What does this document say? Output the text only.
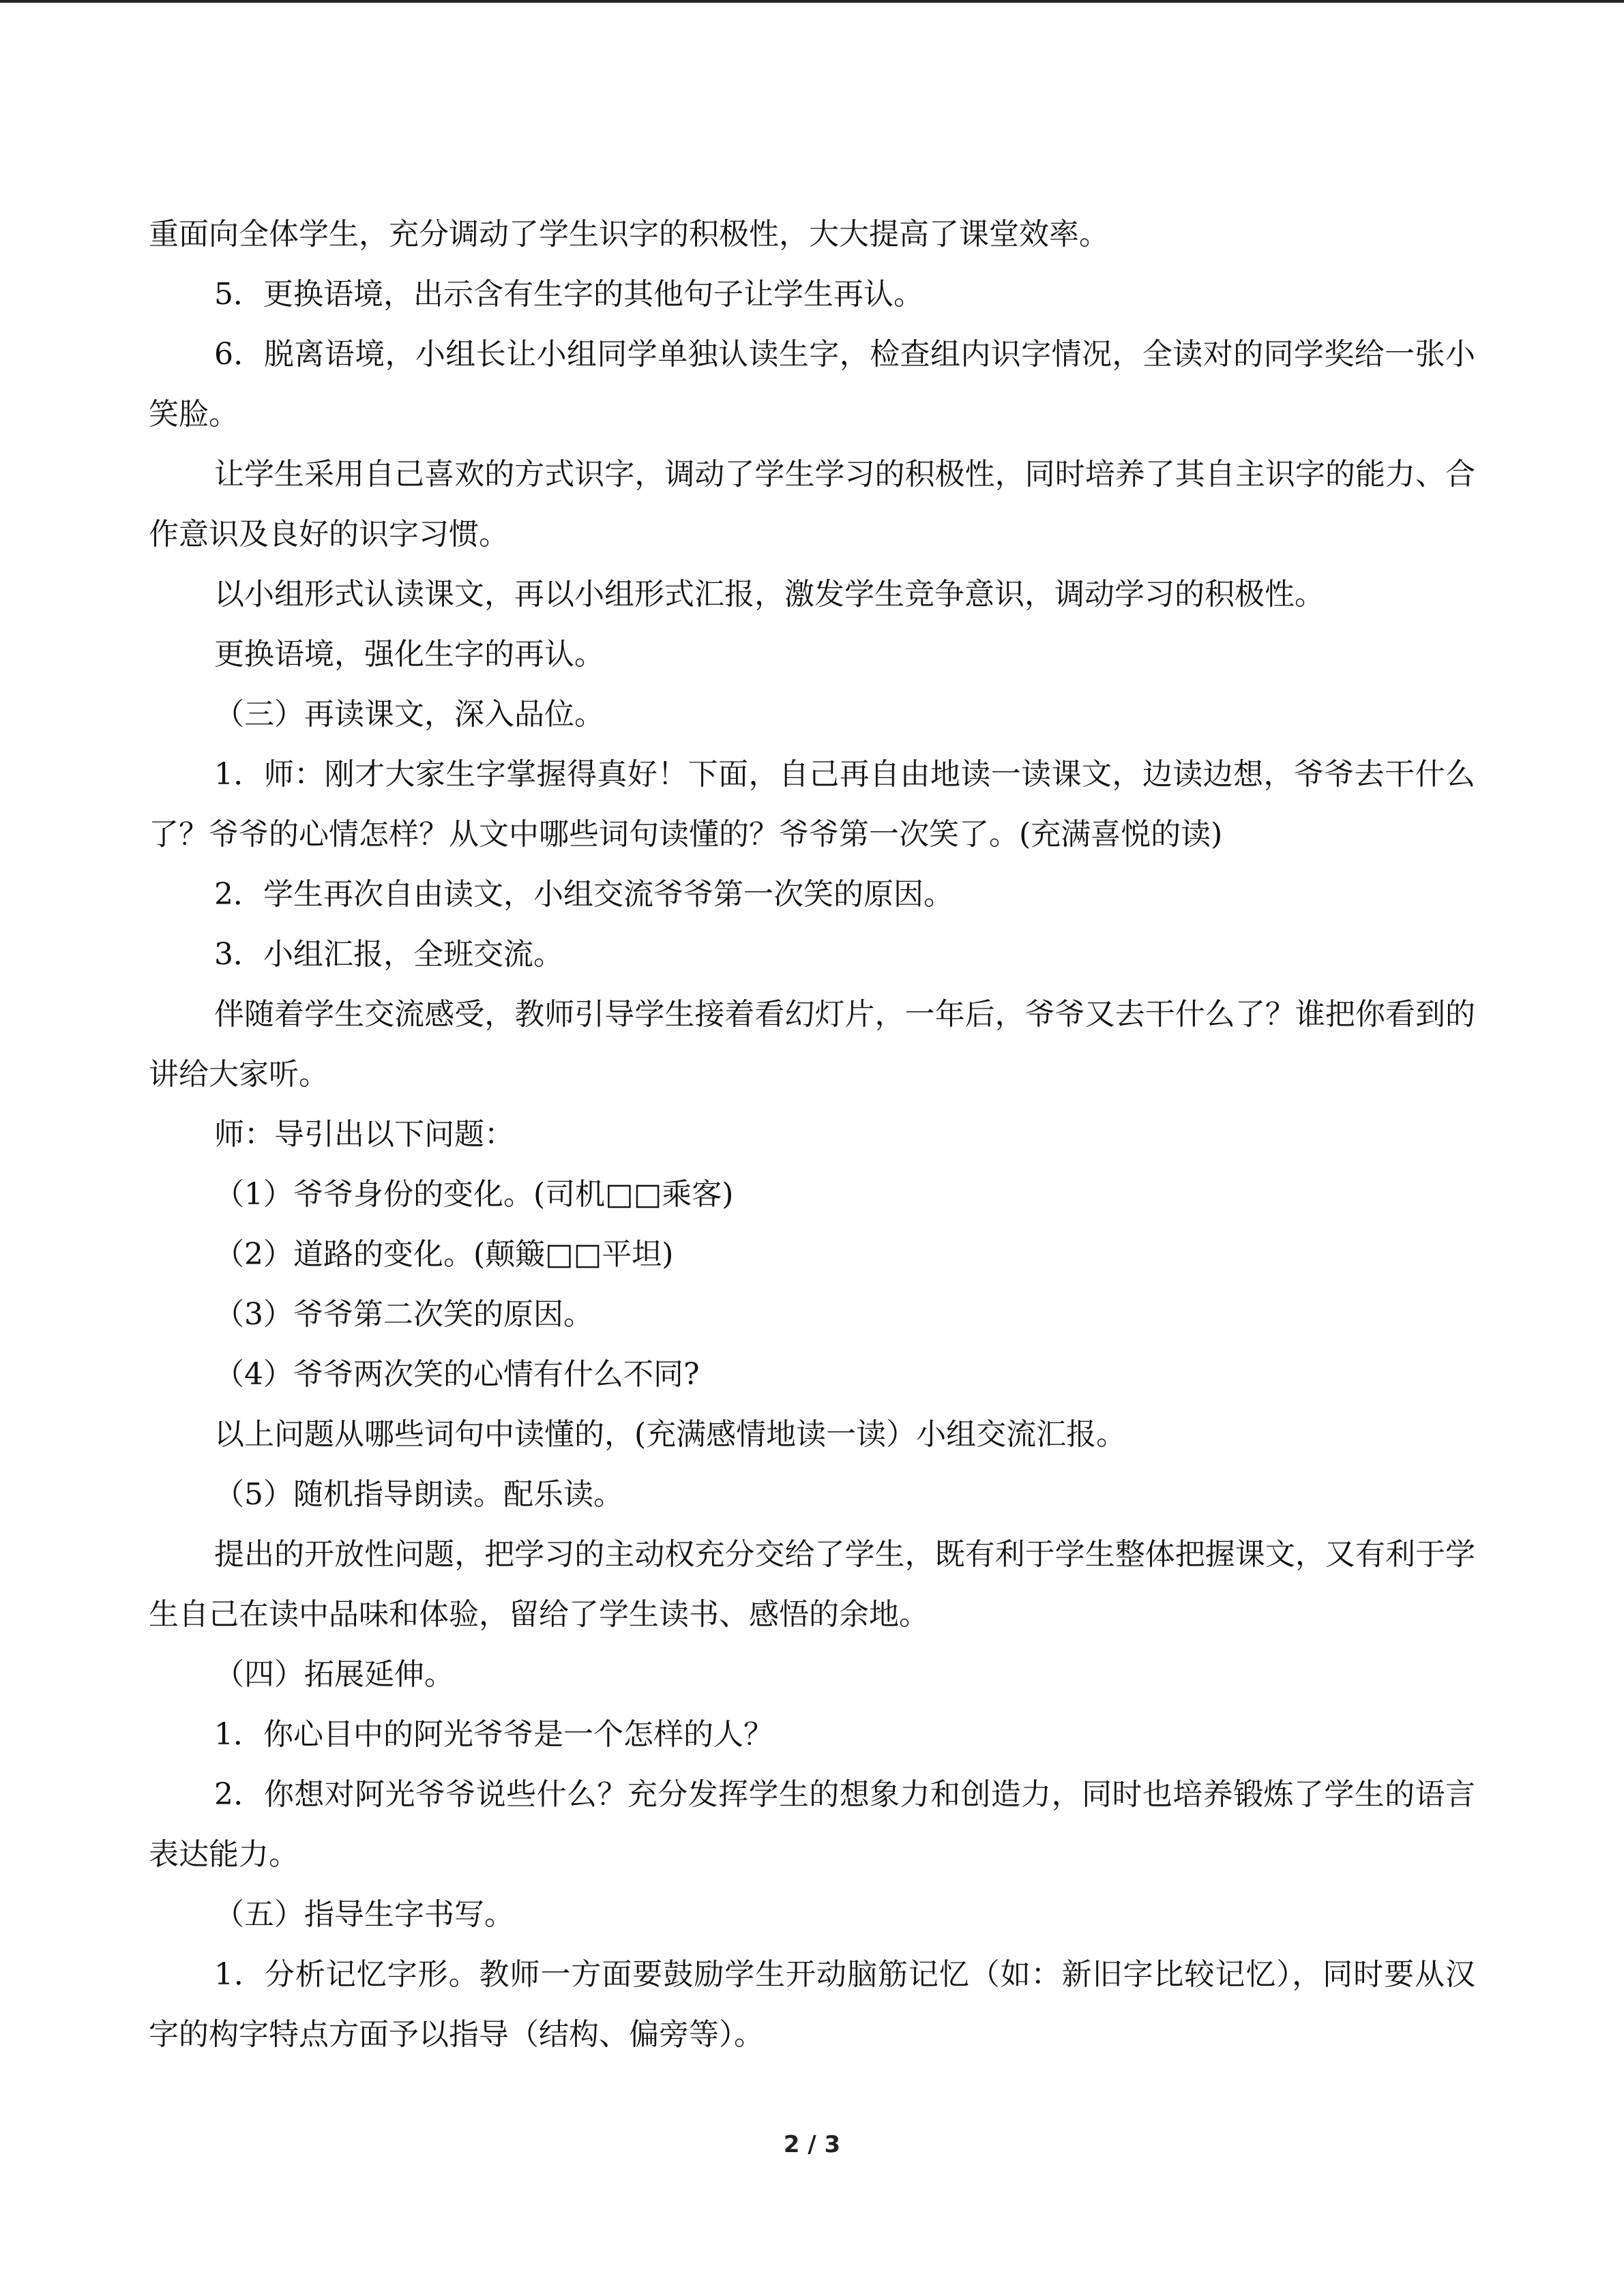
重面向全体学生，充分调动了学生识字的积极性，大大提高了课堂效率。

5．更换语境，出示含有生字的其他句子让学生再认。

6．脱离语境，小组长让小组同学单独认读生字，检查组内识字情况，全读对的同学奖给一张小笑脸。

让学生采用自己喜欢的方式识字，调动了学生学习的积极性，同时培养了其自主识字的能力、合作意识及良好的识字习惯。

以小组形式认读课文，再以小组形式汇报，激发学生竞争意识，调动学习的积极性。

更换语境，强化生字的再认。

（三）再读课文，深入品位。

1．师：刚才大家生字掌握得真好！下面，自己再自由地读一读课文，边读边想，爷爷去干什么了？爷爷的心情怎样？从文中哪些词句读懂的？爷爷第一次笑了。(充满喜悦的读)

2．学生再次自由读文，小组交流爷爷第一次笑的原因。

3．小组汇报，全班交流。

伴随着学生交流感受，教师引导学生接着看幻灯片，一年后，爷爷又去干什么了？谁把你看到的讲给大家听。

师：导引出以下问题：

（1）爷爷身份的变化。(司机□□乘客)

（2）道路的变化。(颠簸□□平坦)

（3）爷爷第二次笑的原因。

（4）爷爷两次笑的心情有什么不同?

以上问题从哪些词句中读懂的，(充满感情地读一读）小组交流汇报。

（5）随机指导朗读。配乐读。

提出的开放性问题，把学习的主动权充分交给了学生，既有利于学生整体把握课文，又有利于学生自己在读中品味和体验，留给了学生读书、感悟的余地。

（四）拓展延伸。

1．你心目中的阿光爷爷是一个怎样的人？

2．你想对阿光爷爷说些什么？充分发挥学生的想象力和创造力，同时也培养锻炼了学生的语言表达能力。

（五）指导生字书写。

1．分析记忆字形。教师一方面要鼓励学生开动脑筋记忆（如：新旧字比较记忆），同时要从汉字的构字特点方面予以指导（结构、偏旁等）。

2 / 3
